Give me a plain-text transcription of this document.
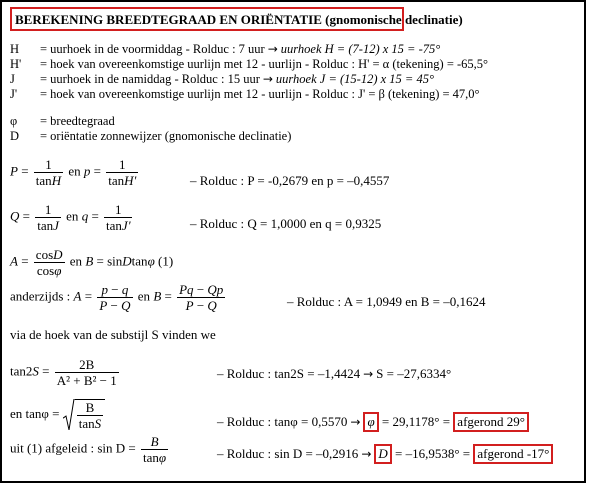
BEREKENING BREEDTEGRAAD EN ORIËNTATIE (gnomonische declinatie)
H = uurhoek in de voormiddag - Rolduc : 7 uur → uurhoek H = (7-12) x 15 = -75°
H' = hoek van overeenkomstige uurlijn met 12 - uurlijn - Rolduc : H' = α (tekening) = -65,5°
J = uurhoek in de namiddag - Rolduc : 15 uur → uurhoek J = (15-12) x 15 = 45°
J' = hoek van overeenkomstige uurlijn met 12 - uurlijn - Rolduc : J' = β (tekening) = 47,0°
φ = breedtegraad
D = oriëntatie zonnewijzer (gnomonische declinatie)
$P = \frac{1}{\tan H}$ en $p = \frac{1}{\tan H'}$	– Rolduc : P = -0,2679 en p = –0,4557
$Q = \frac{1}{\tan J}$ en $q = \frac{1}{\tan J'}$	– Rolduc : Q = 1,0000 en q = 0,9325
$A = \frac{\cos D}{\cos\varphi}$ en B = sinDtanφ (1)
anderzijds : $A = \frac{p - q}{P - Q}$ en $B = \frac{Pq - Qp}{P - Q}$	– Rolduc : A = 1,0949 en B = –0,1624
via de hoek van de substijl S vinden we
$\tan 2S = \frac{2B}{\text{A² + B² − 1}}$	– Rolduc : tan2S = –1,4424 → S = –27,6334°
en $\tan\varphi = \frac{B}{\tan S}$	– Rolduc : tanφ = 0,5570 → φ = 29,1178° = afgerond 29°
uit (1) afgeleid : $\sin D = \frac{B}{\tan\varphi}$	– Rolduc : sin D = –0,2916 → D = –16,9538° = afgerond -17°
